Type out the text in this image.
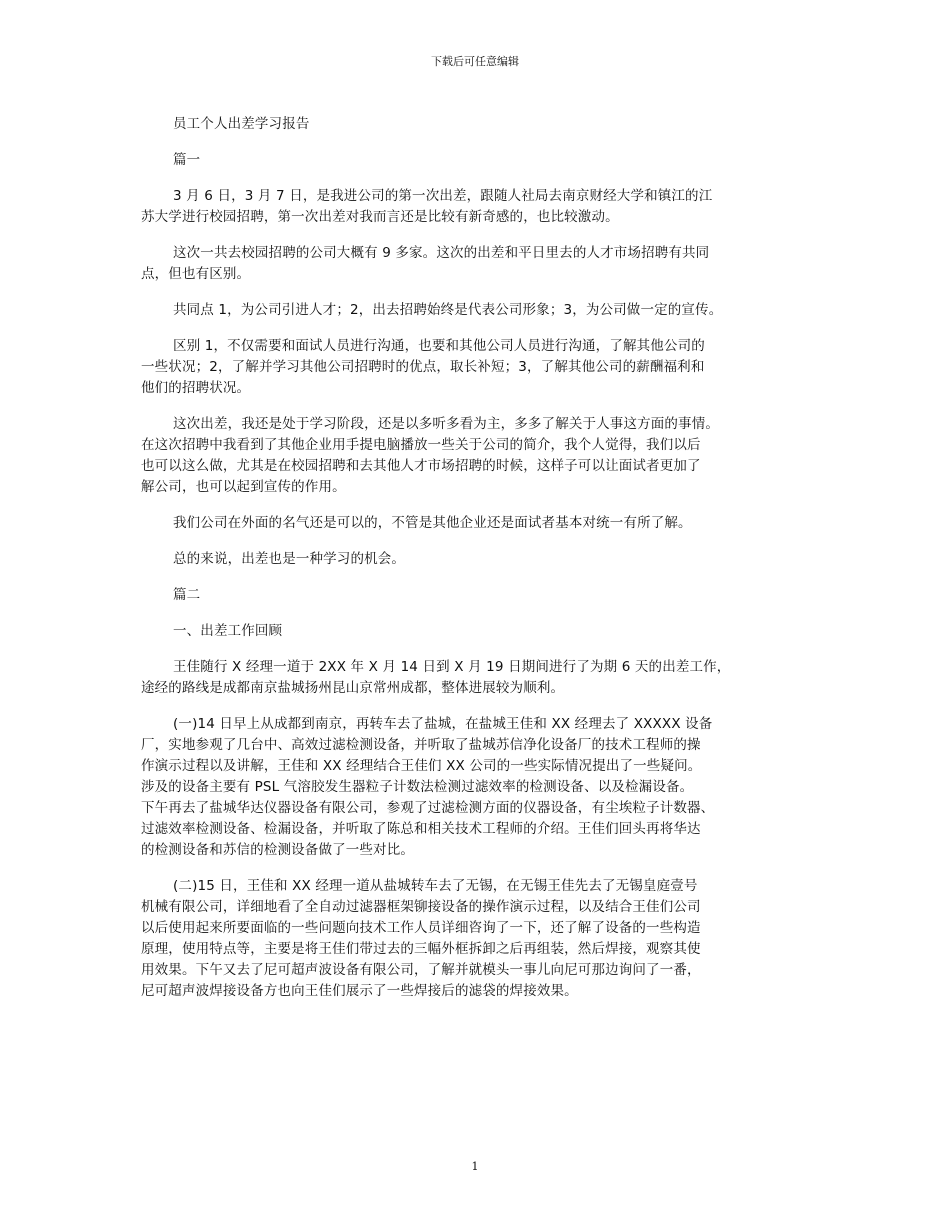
下载后可任意编辑

员工个人出差学习报告

篇一

3 月 6 日，3 月 7 日，是我进公司的第一次出差，跟随人社局去南京财经大学和镇江的江
苏大学进行校园招聘，第一次出差对我而言还是比较有新奇感的，也比较激动。

这次一共去校园招聘的公司大概有 9 多家。这次的出差和平日里去的人才市场招聘有共同
点，但也有区别。

共同点 1，为公司引进人才；2，出去招聘始终是代表公司形象；3，为公司做一定的宣传。

区别 1，不仅需要和面试人员进行沟通，也要和其他公司人员进行沟通，了解其他公司的
一些状况；2，了解并学习其他公司招聘时的优点，取长补短；3，了解其他公司的薪酬福利和
他们的招聘状况。

这次出差，我还是处于学习阶段，还是以多听多看为主，多多了解关于人事这方面的事情。
在这次招聘中我看到了其他企业用手提电脑播放一些关于公司的简介，我个人觉得，我们以后
也可以这么做，尤其是在校园招聘和去其他人才市场招聘的时候，这样子可以让面试者更加了
解公司，也可以起到宣传的作用。

我们公司在外面的名气还是可以的，不管是其他企业还是面试者基本对统一有所了解。

总的来说，出差也是一种学习的机会。

篇二

一、出差工作回顾

王佳随行 X 经理一道于 2XX 年 X 月 14 日到 X 月 19 日期间进行了为期 6 天的出差工作，
途经的路线是成都南京盐城扬州昆山京常州成都，整体进展较为顺利。

(一)14 日早上从成都到南京，再转车去了盐城，在盐城王佳和 XX 经理去了 XXXXX 设备
厂，实地参观了几台中、高效过滤检测设备，并听取了盐城苏信净化设备厂的技术工程师的操
作演示过程以及讲解，王佳和 XX 经理结合王佳们 XX 公司的一些实际情况提出了一些疑问。
涉及的设备主要有 PSL 气溶胶发生器粒子计数法检测过滤效率的检测设备、以及检漏设备。
下午再去了盐城华达仪器设备有限公司，参观了过滤检测方面的仪器设备，有尘埃粒子计数器、
过滤效率检测设备、检漏设备，并听取了陈总和相关技术工程师的介绍。王佳们回头再将华达
的检测设备和苏信的检测设备做了一些对比。

(二)15 日，王佳和 XX 经理一道从盐城转车去了无锡，在无锡王佳先去了无锡皇庭壹号
机械有限公司，详细地看了全自动过滤器框架铆接设备的操作演示过程，以及结合王佳们公司
以后使用起来所要面临的一些问题向技术工作人员详细咨询了一下，还了解了设备的一些构造
原理，使用特点等，主要是将王佳们带过去的三幅外框拆卸之后再组装，然后焊接，观察其使
用效果。下午又去了尼可超声波设备有限公司，了解并就模头一事儿向尼可那边询问了一番，
尼可超声波焊接设备方也向王佳们展示了一些焊接后的滤袋的焊接效果。

1
